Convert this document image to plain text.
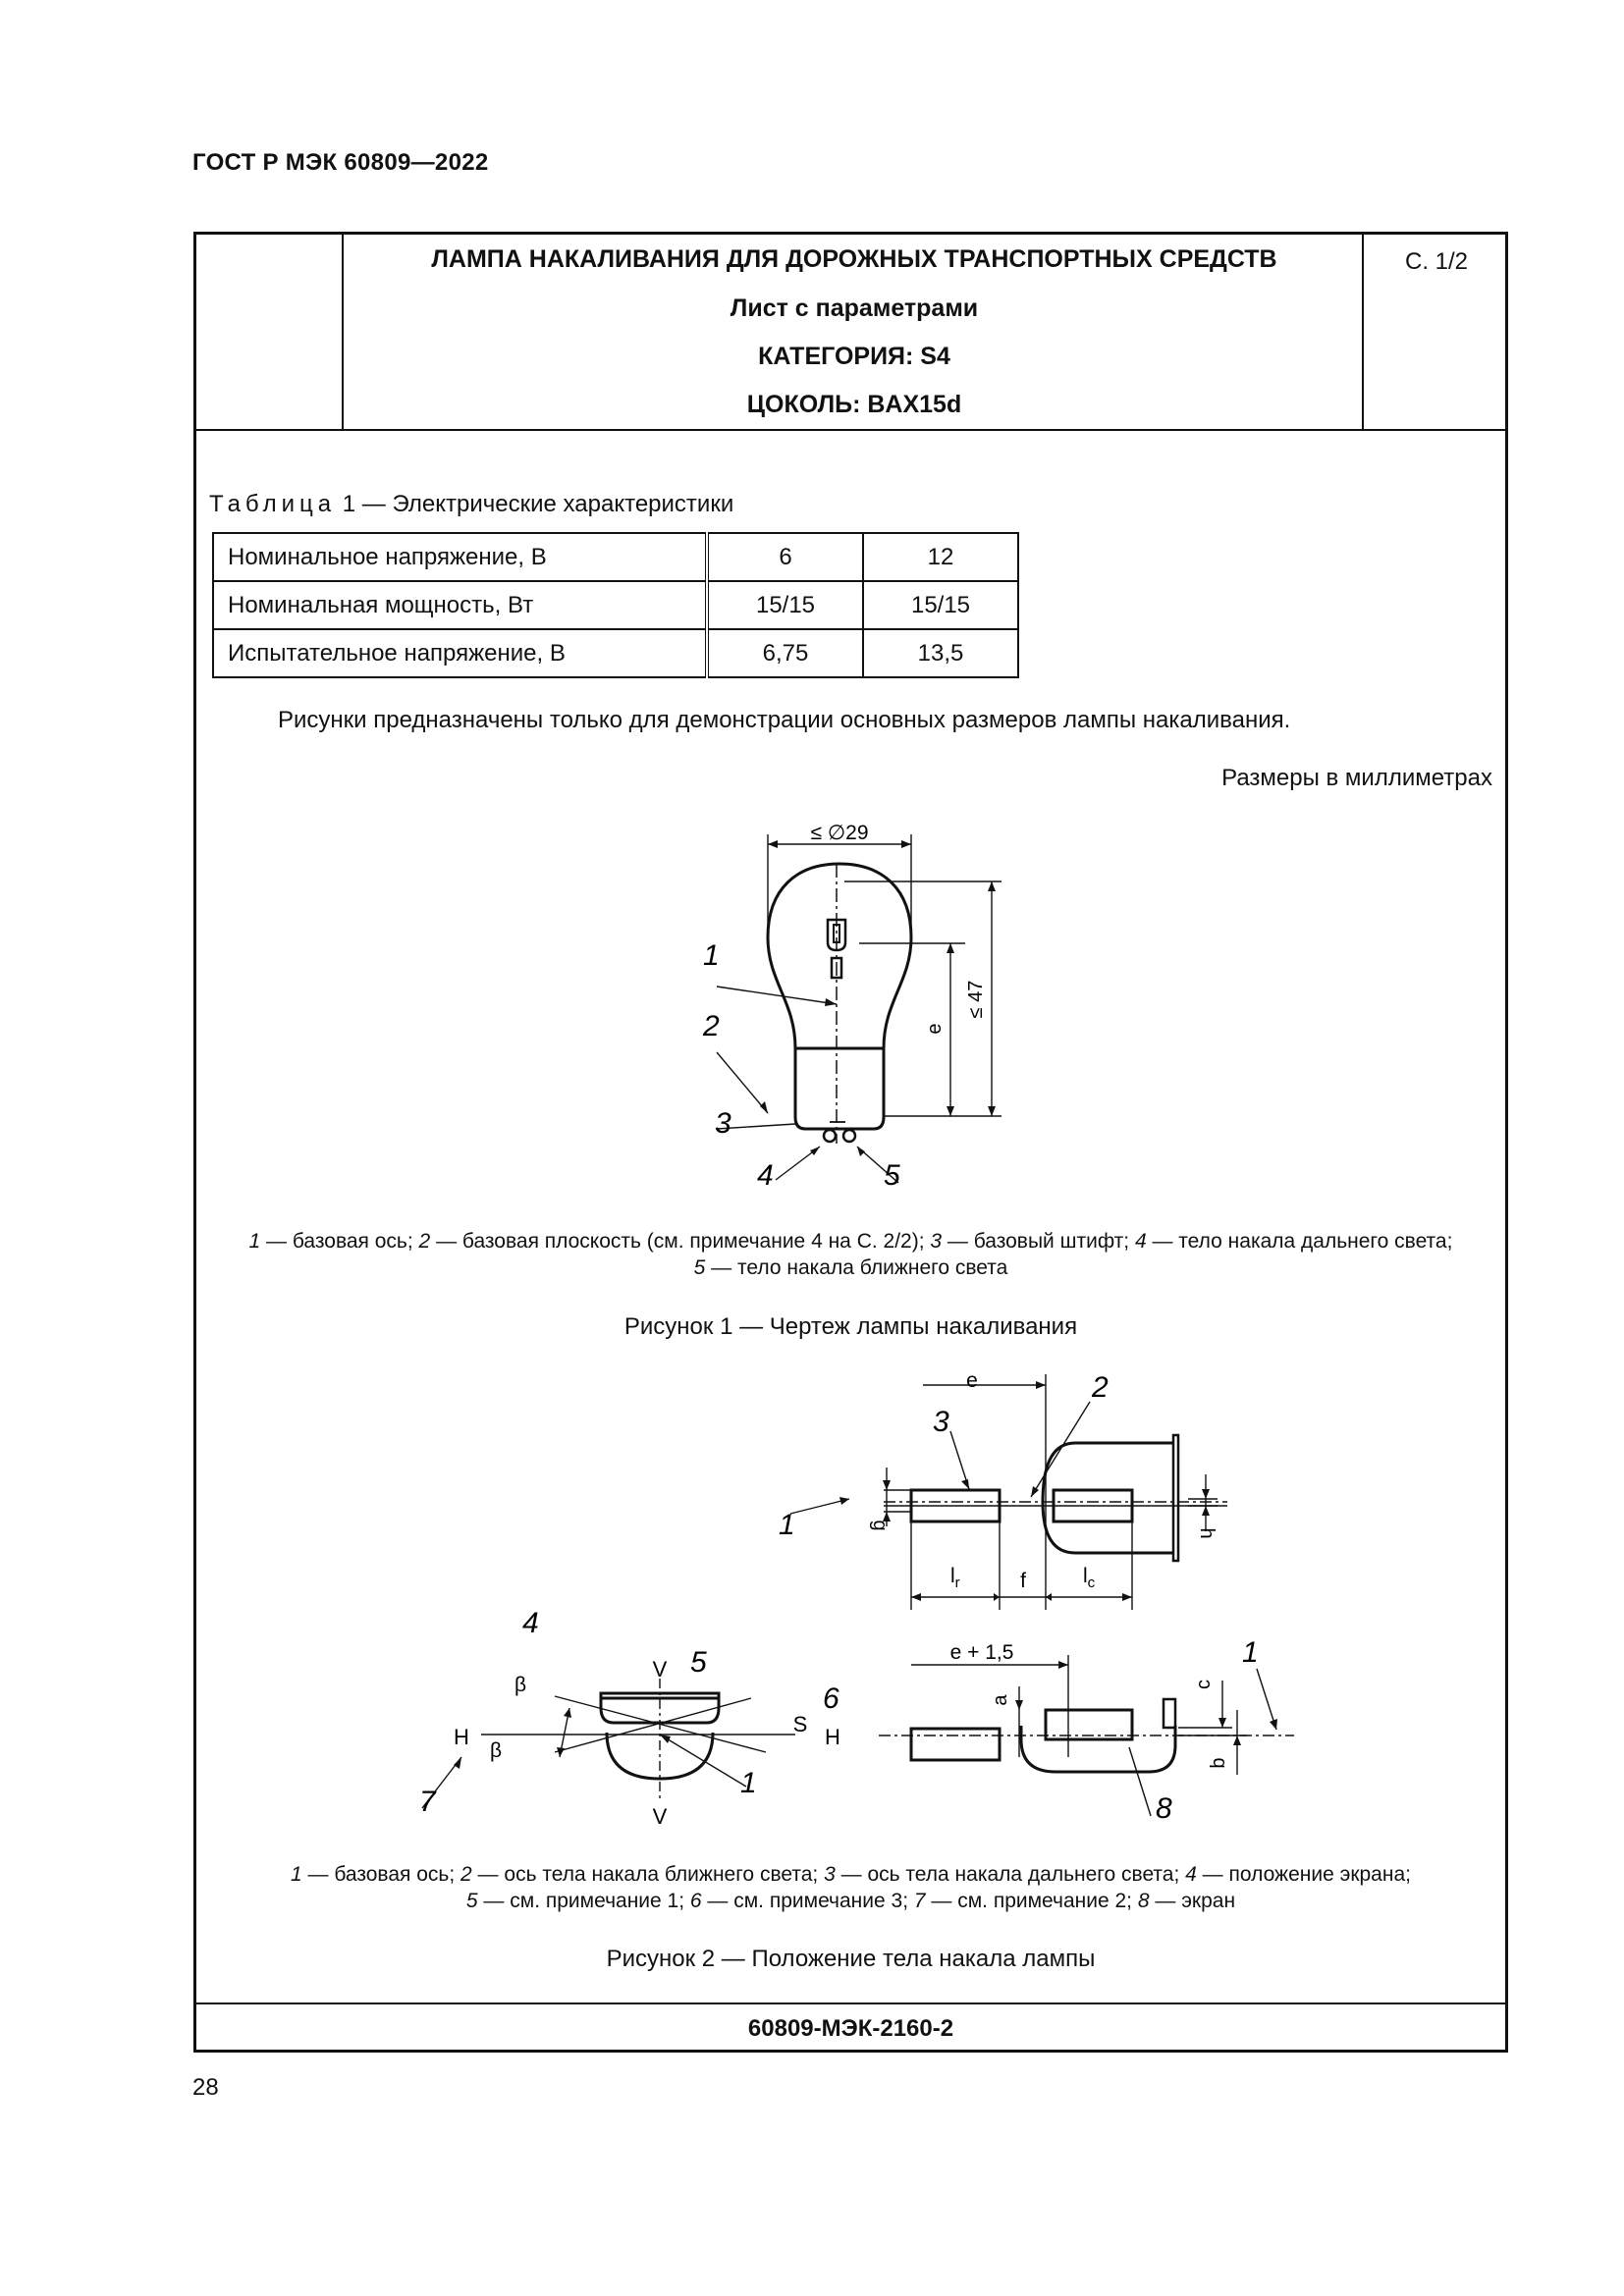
ГОСТ Р МЭК 60809—2022
ЛАМПА НАКАЛИВАНИЯ ДЛЯ ДОРОЖНЫХ ТРАНСПОРТНЫХ СРЕДСТВ
Лист с параметрами
КАТЕГОРИЯ: S4
ЦОКОЛЬ: BAX15d
С. 1/2
60809-МЭК-2160-2
Таблица 1 — Электрические характеристики
Номинальное напряжение, В	6	12
Номинальная мощность, Вт	15/15	15/15
Испытательное напряжение, В	6,75	13,5
Рисунки предназначены только для демонстрации основных размеров лампы накаливания.
Размеры в миллиметрах
≤ ∅29
≤ 47
e
1
2
3
4	5
1 — базовая ось; 2 — базовая плоскость (см. примечание 4 на С. 2/2); 3 — базовый штифт; 4 — тело накала дальнего света;
5 — тело накала ближнего света
Рисунок 1 — Чертеж лампы накаливания
e
g
h
$l_r$	f	$l_c$
1
2
3
β
β
H	H
V
V
S
4
5
6
7
1
e + 1,5
a
c
b
1
8
1 — базовая ось; 2 — ось тела накала ближнего света; 3 — ось тела накала дальнего света; 4 — положение экрана;
5 — см. примечание 1; 6 — см. примечание 3; 7 — см. примечание 2; 8 — экран
Рисунок 2 — Положение тела накала лампы
28
